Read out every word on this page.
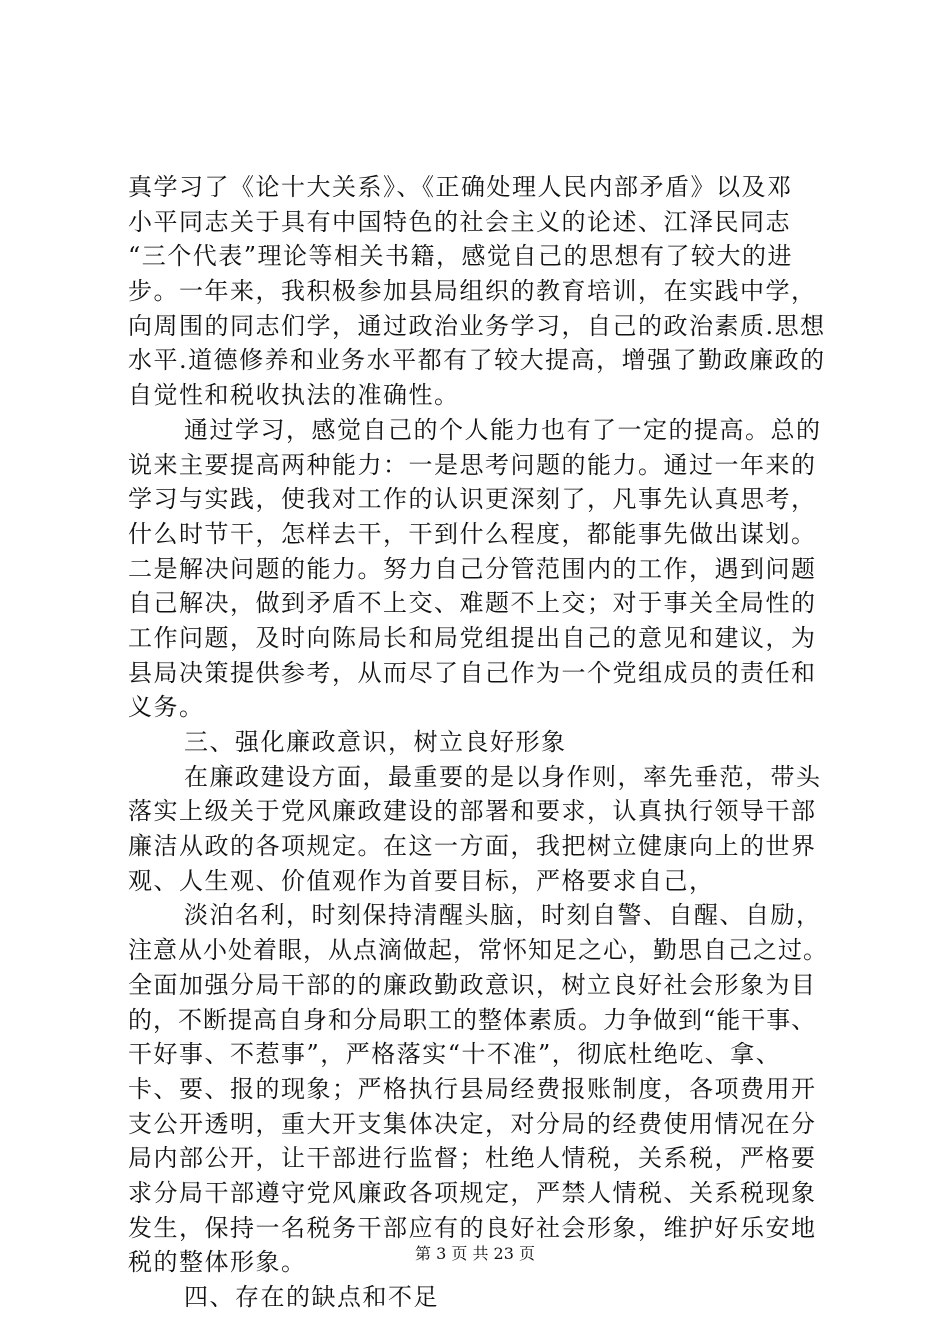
真学习了《论十大关系》、《正确处理人民内部矛盾》以及邓
小平同志关于具有中国特色的社会主义的论述、江泽民同志
“三个代表”理论等相关书籍，感觉自己的思想有了较大的进
步。一年来，我积极参加县局组织的教育培训，在实践中学，
向周围的同志们学，通过政治业务学习，自己的政治素质.思想
水平.道德修养和业务水平都有了较大提高，增强了勤政廉政的
自觉性和税收执法的准确性。
通过学习，感觉自己的个人能力也有了一定的提高。总的
说来主要提高两种能力：一是思考问题的能力。通过一年来的
学习与实践，使我对工作的认识更深刻了，凡事先认真思考，
什么时节干，怎样去干，干到什么程度，都能事先做出谋划。
二是解决问题的能力。努力自己分管范围内的工作，遇到问题
自己解决，做到矛盾不上交、难题不上交；对于事关全局性的
工作问题，及时向陈局长和局党组提出自己的意见和建议，为
县局决策提供参考，从而尽了自己作为一个党组成员的责任和
义务。
三、强化廉政意识，树立良好形象
在廉政建设方面，最重要的是以身作则，率先垂范，带头
落实上级关于党风廉政建设的部署和要求，认真执行领导干部
廉洁从政的各项规定。在这一方面，我把树立健康向上的世界
观、人生观、价值观作为首要目标，严格要求自己，
淡泊名利，时刻保持清醒头脑，时刻自警、自醒、自励，
注意从小处着眼，从点滴做起，常怀知足之心，勤思自己之过。
全面加强分局干部的的廉政勤政意识，树立良好社会形象为目
的，不断提高自身和分局职工的整体素质。力争做到“能干事、
干好事、不惹事”，严格落实“十不准”，彻底杜绝吃、拿、
卡、要、报的现象；严格执行县局经费报账制度，各项费用开
支公开透明，重大开支集体决定，对分局的经费使用情况在分
局内部公开，让干部进行监督；杜绝人情税，关系税，严格要
求分局干部遵守党风廉政各项规定，严禁人情税、关系税现象
发生，保持一名税务干部应有的良好社会形象，维护好乐安地
税的整体形象。
四、存在的缺点和不足
第 3 页 共 23 页
